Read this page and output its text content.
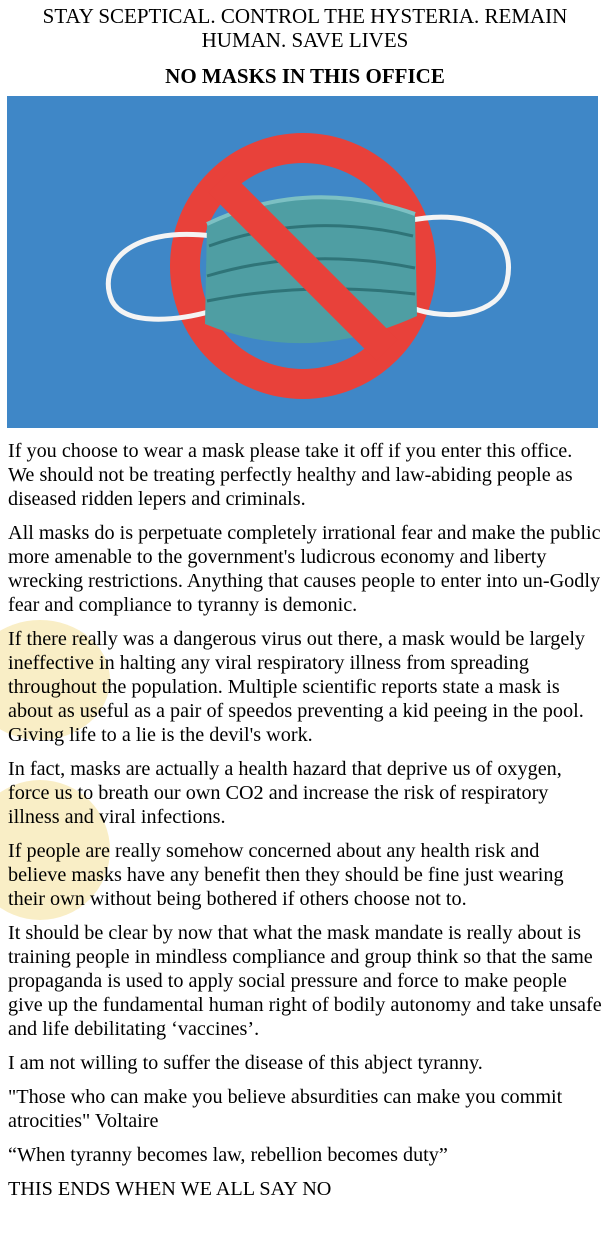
STAY SCEPTICAL. CONTROL THE HYSTERIA. REMAIN HUMAN. SAVE LIVES
NO MASKS IN THIS OFFICE

If you choose to wear a mask please take it off if you enter this office. We should not be treating perfectly healthy and law-abiding people as diseased ridden lepers and criminals.

All masks do is perpetuate completely irrational fear and make the public more amenable to the government's ludicrous economy and liberty wrecking restrictions. Anything that causes people to enter into un-Godly fear and compliance to tyranny is demonic.

If there really was a dangerous virus out there, a mask would be largely ineffective in halting any viral respiratory illness from spreading throughout the population. Multiple scientific reports state a mask is about as useful as a pair of speedos preventing a kid peeing in the pool. Giving life to a lie is the devil's work.

In fact, masks are actually a health hazard that deprive us of oxygen, force us to breath our own CO2 and increase the risk of respiratory illness and viral infections.

If people are really somehow concerned about any health risk and believe masks have any benefit then they should be fine just wearing their own without being bothered if others choose not to.

It should be clear by now that what the mask mandate is really about is training people in mindless compliance and group think so that the same propaganda is used to apply social pressure and force to make people give up the fundamental human right of bodily autonomy and take unsafe and life debilitating ‘vaccines’.

I am not willing to suffer the disease of this abject tyranny.

"Those who can make you believe absurdities can make you commit atrocities" Voltaire

“When tyranny becomes law, rebellion becomes duty”

THIS ENDS WHEN WE ALL SAY NO
